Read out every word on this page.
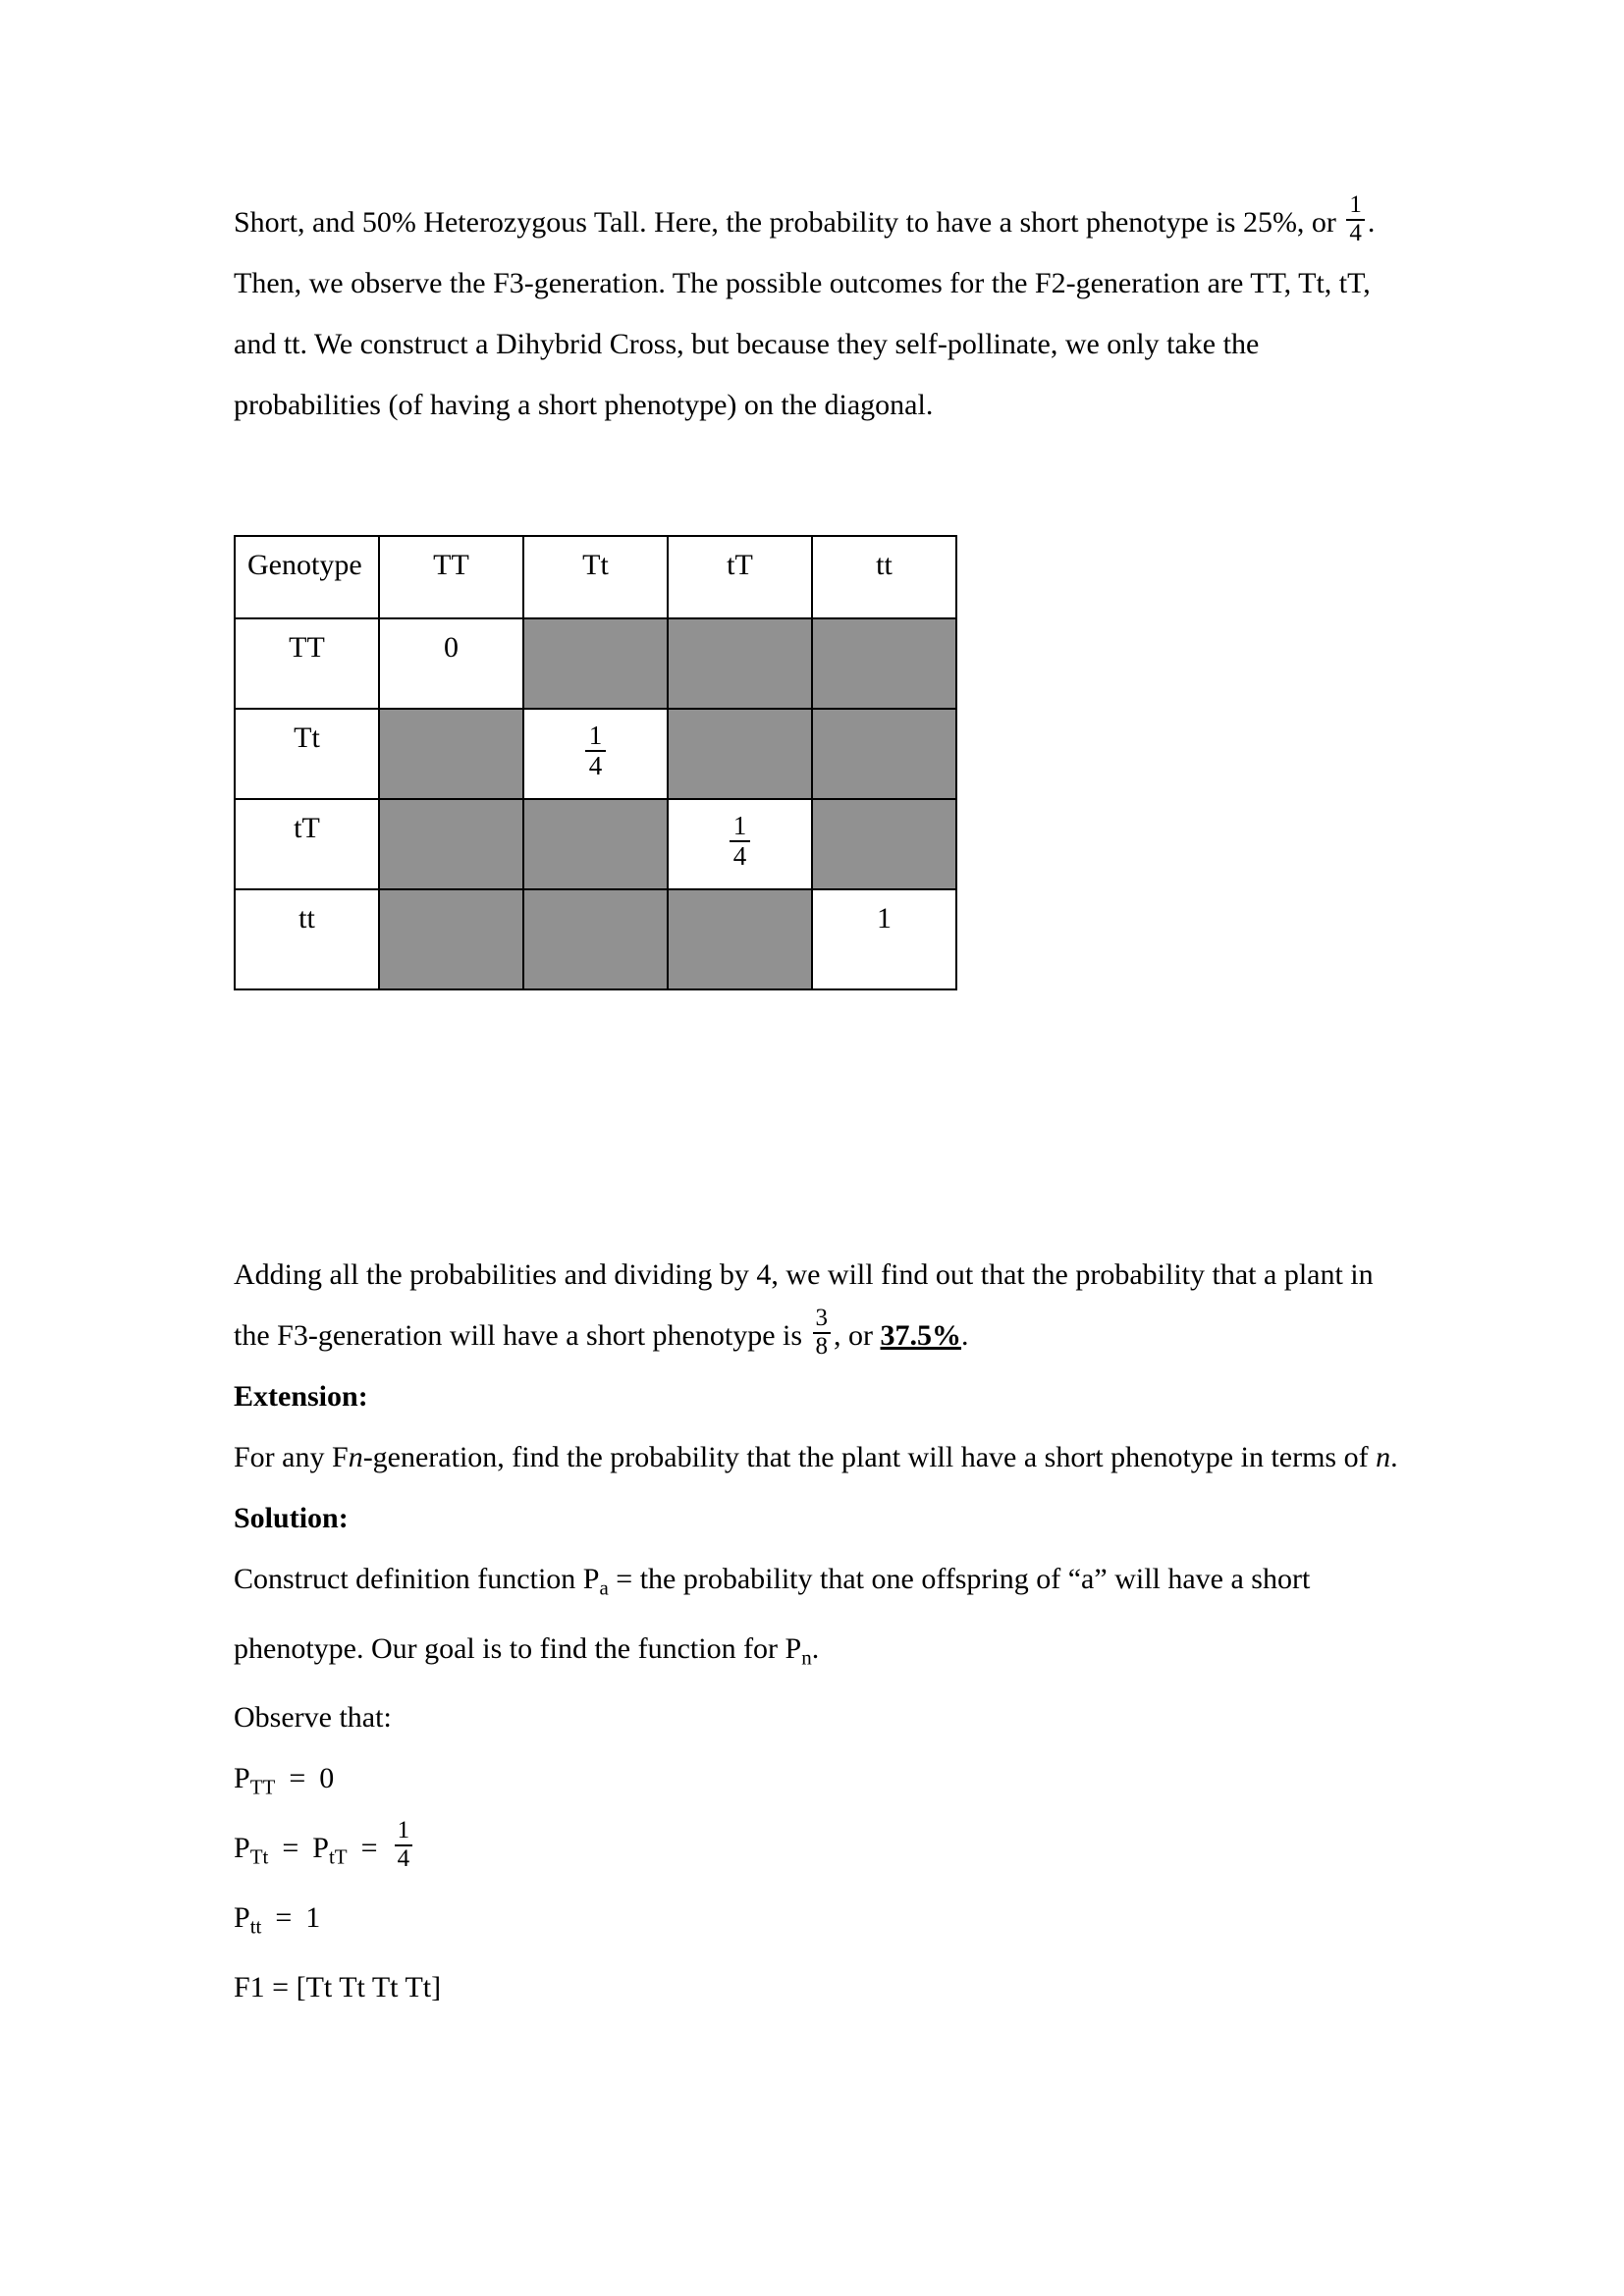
Short, and 50% Heterozygous Tall. Here, the probability to have a short phenotype is 25%, or $\frac{1}{4}$ .

Then, we observe the F3-generation. The possible outcomes for the F2-generation are TT, Tt, tT, and tt. We construct a Dihybrid Cross, but because they self-pollinate, we only take the probabilities (of having a short phenotype) on the diagonal.

Genotype	TT	Tt	tT	tt

TT	0			

Tt		$\frac{1}{4}$

tT			$\frac{1}{4}$

tt				1

Adding all the probabilities and dividing by 4, we will find out that the probability that a plant in the F3-generation will have a short phenotype is $\frac{3}{8}$ , or 37.5%.

Extension:

For any Fn-generation, find the probability that the plant will have a short phenotype in terms of n.

Solution:

Construct definition function $P_a$ = the probability that one offspring of “a” will have a short phenotype. Our goal is to find the function for $P_n$.

Observe that:

$P_{TT} = 0$

$P_{Tt} = P_{tT} = \frac{1}{4}$

$P_{tt} = 1$

F1 = [Tt Tt Tt Tt]
